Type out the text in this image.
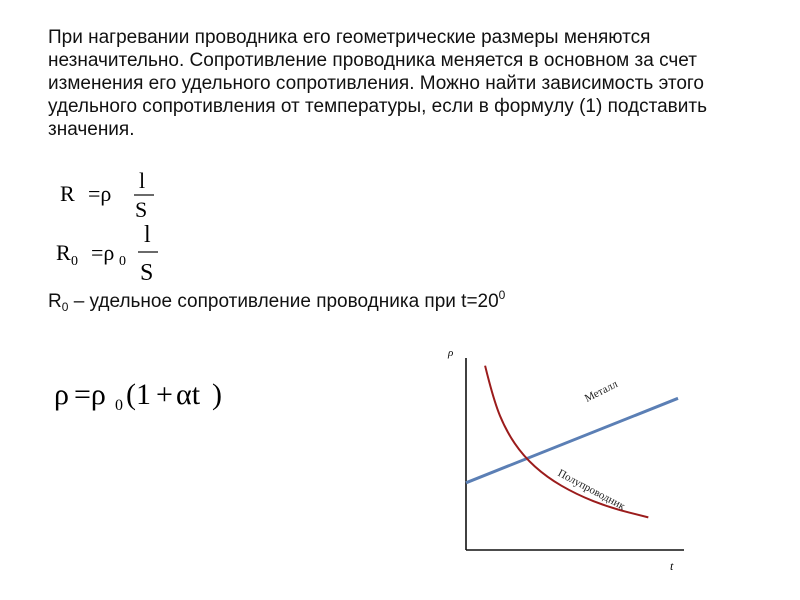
При нагревании проводника его геометрические размеры меняются незначительно. Сопротивление проводника меняется в основном за счет изменения его удельного сопротивления. Можно найти зависимость этого удельного сопротивления от температуры, если в формулу (1) подставить значения.
R =ρ
l
S
R 0 =ρ 0
l
S
$R_0$ – удельное сопротивление проводника при $t=20^0$
ρ =ρ 0 (1 + αt )
ρ
t
Металл
Полупроводник
